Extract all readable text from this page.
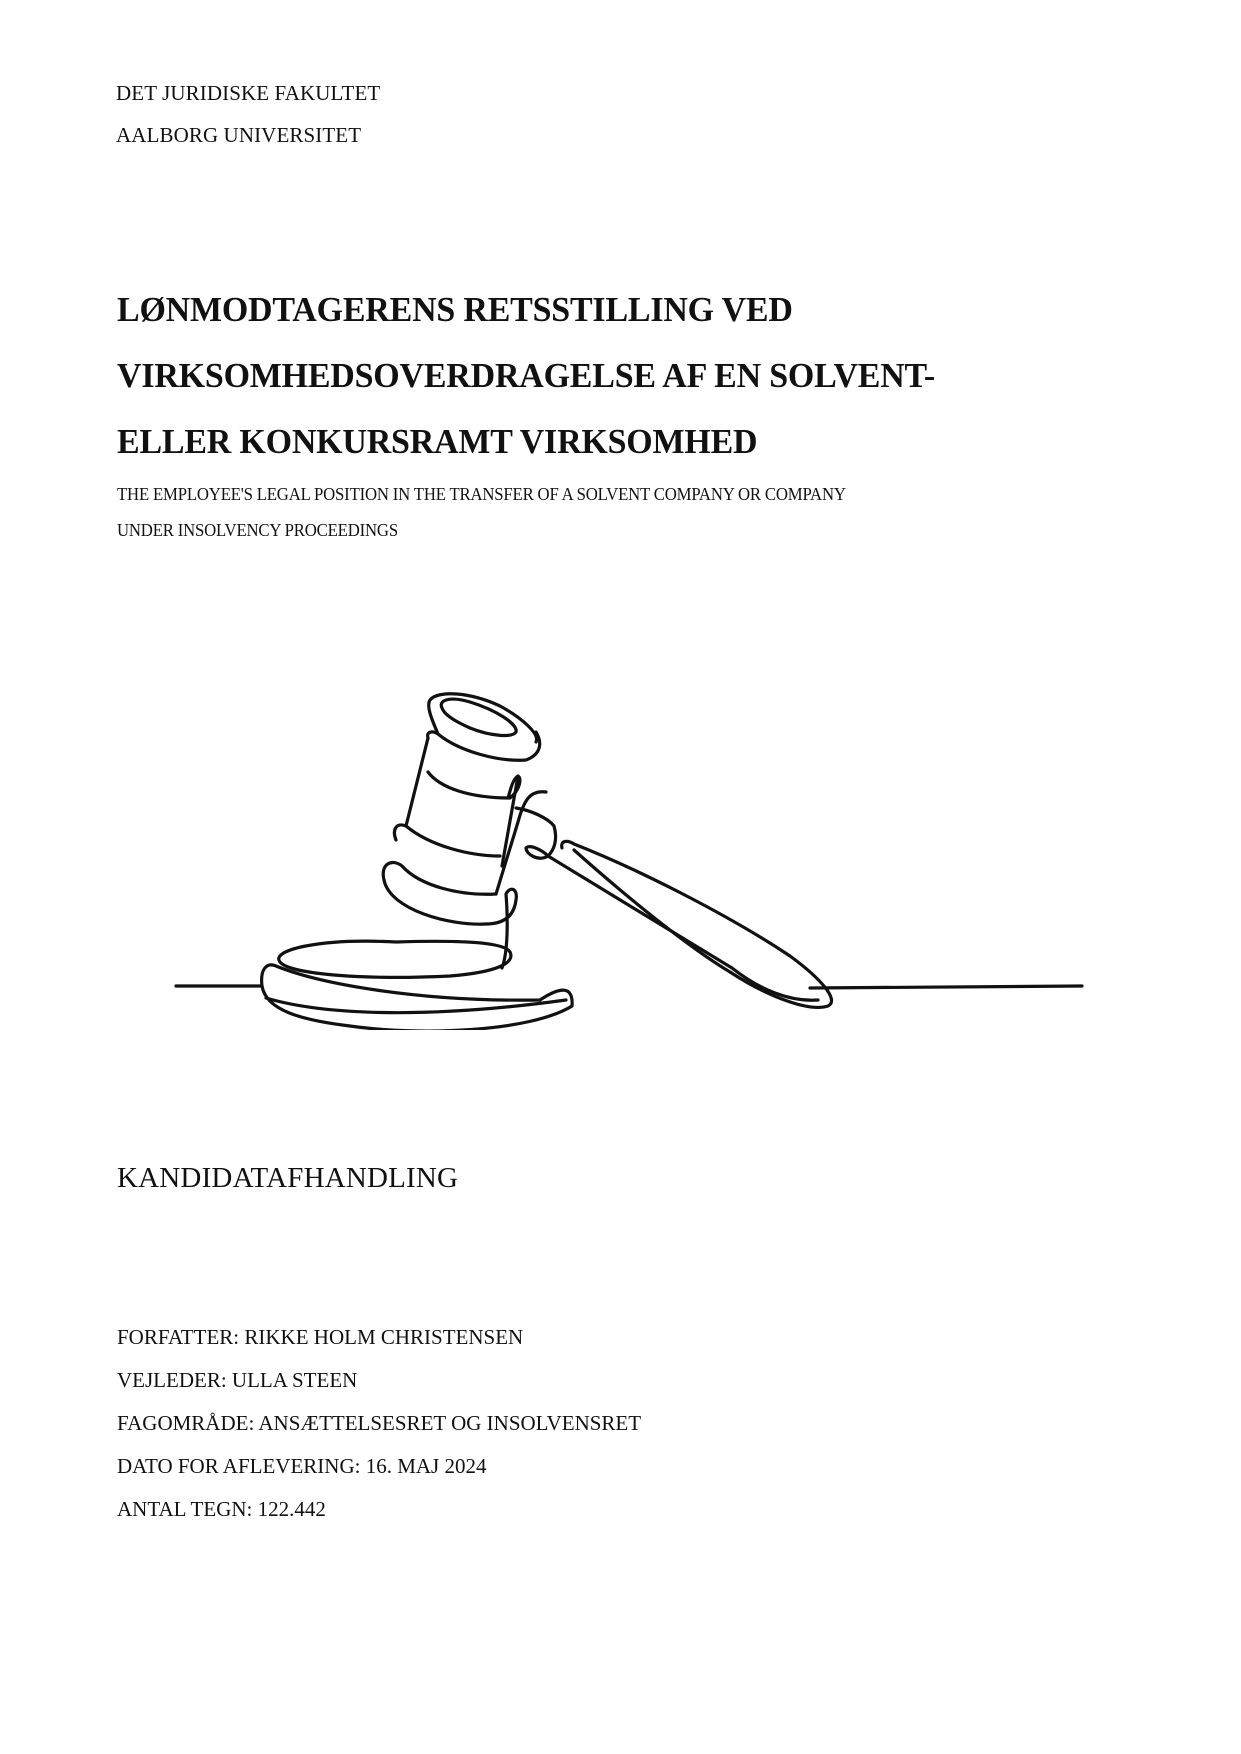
DET JURIDISKE FAKULTET
AALBORG UNIVERSITET
LØNMODTAGERENS RETSSTILLING VED
VIRKSOMHEDSOVERDRAGELSE AF EN SOLVENT-
ELLER KONKURSRAMT VIRKSOMHED
THE EMPLOYEE'S LEGAL POSITION IN THE TRANSFER OF A SOLVENT COMPANY OR COMPANY
UNDER INSOLVENCY PROCEEDINGS
KANDIDATAFHANDLING
FORFATTER: RIKKE HOLM CHRISTENSEN
VEJLEDER: ULLA STEEN
FAGOMRÅDE: ANSÆTTELSESRET OG INSOLVENSRET
DATO FOR AFLEVERING: 16. MAJ 2024
ANTAL TEGN: 122.442
